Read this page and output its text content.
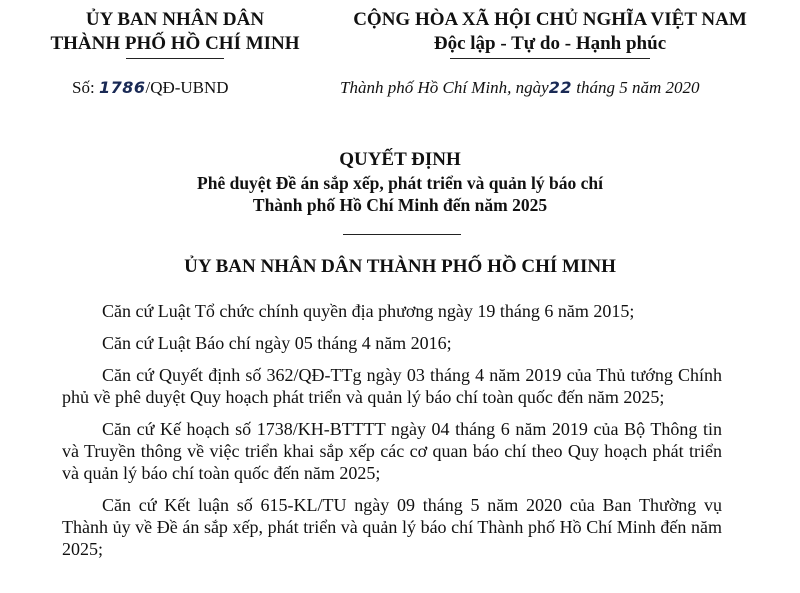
ỦY BAN NHÂN DÂN
THÀNH PHỐ HỒ CHÍ MINH
CỘNG HÒA XÃ HỘI CHỦ NGHĨA VIỆT NAM
Độc lập - Tự do - Hạnh phúc
Số: 1786/QĐ-UBND	Thành phố Hồ Chí Minh, ngày22 tháng 5 năm 2020
QUYẾT ĐỊNH
Phê duyệt Đề án sắp xếp, phát triển và quản lý báo chí
Thành phố Hồ Chí Minh đến năm 2025
ỦY BAN NHÂN DÂN THÀNH PHỐ HỒ CHÍ MINH

Căn cứ Luật Tổ chức chính quyền địa phương ngày 19 tháng 6 năm 2015;

Căn cứ Luật Báo chí ngày 05 tháng 4 năm 2016;

Căn cứ Quyết định số 362/QĐ-TTg ngày 03 tháng 4 năm 2019 của Thủ tướng Chính phủ về phê duyệt Quy hoạch phát triển và quản lý báo chí toàn quốc đến năm 2025;

Căn cứ Kế hoạch số 1738/KH-BTTTT ngày 04 tháng 6 năm 2019 của Bộ Thông tin và Truyền thông về việc triển khai sắp xếp các cơ quan báo chí theo Quy hoạch phát triển và quản lý báo chí toàn quốc đến năm 2025;

Căn cứ Kết luận số 615-KL/TU ngày 09 tháng 5 năm 2020 của Ban Thường vụ Thành ủy về Đề án sắp xếp, phát triển và quản lý báo chí Thành phố Hồ Chí Minh đến năm 2025;
